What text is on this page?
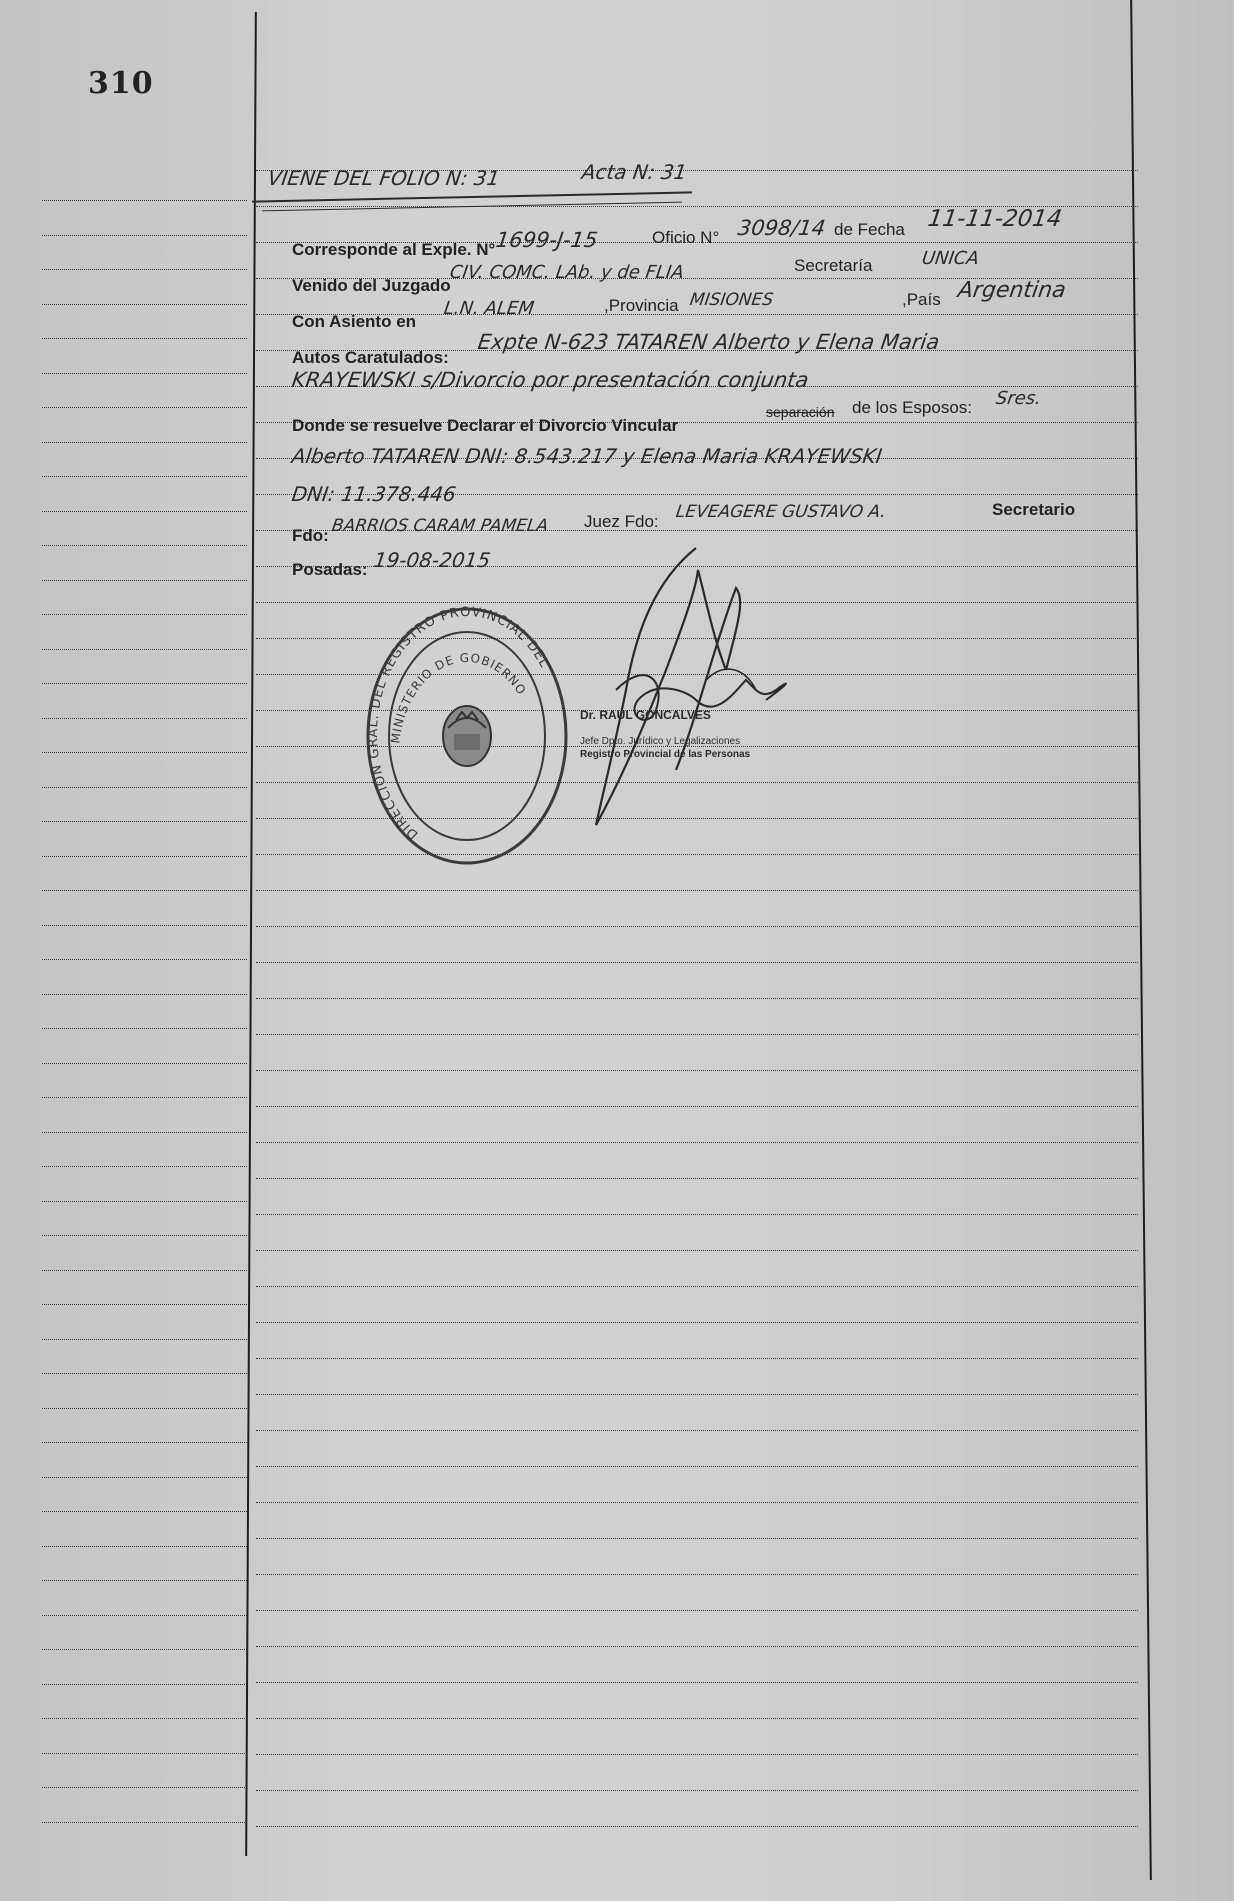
310
VIENE DEL FOLIO N: 31	Acta N: 31
Corresponde al Exple. N° 1699-J-15	Oficio N° 3098/14 de Fecha 11-11-2014
Venido del Juzgado
CIV. COMC. LAb. y de FLIA	Secretaría	UNICA
Con Asiento en
L.N. ALEM	,Provincia MISIONES	,País Argentina
Autos Caratulados:
Expte N-623 TATAREN Alberto y Elena Maria
KRAYEWSKI s/Divorcio por presentación conjunta
Donde se resuelve Declarar el Divorcio Vincular
separación de los Esposos: Sres.
Alberto TATAREN DNI: 8.543.217 y Elena Maria KRAYEWSKI
DNI: 11.378.446
Fdo: BARRIOS CARAM PAMELA Juez Fdo: LEVEAGERE GUSTAVO A.	Secretario
Posadas: 19-08-2015
DIRECCIÓN GRAL. DEL REGISTRO PROVINCIAL DEL
MINISTERIO DE GOBIERNO
Dr. RAUL GONCALVES
Jefe Dpto. Jurídico y Legalizaciones
Registro Provincial de las Personas
